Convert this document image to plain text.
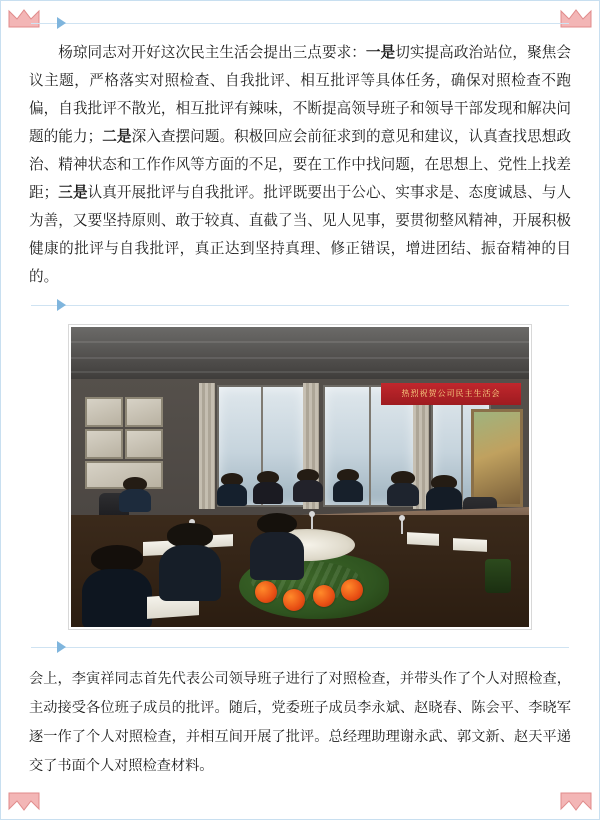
杨琼同志对开好这次民主生活会提出三点要求：一是切实提高政治站位，聚焦会议主题，严格落实对照检查、自我批评、相互批评等具体任务，确保对照检查不跑偏，自我批评不散光，相互批评有辣味，不断提高领导班子和领导干部发现和解决问题的能力；二是深入查摆问题。积极回应会前征求到的意见和建议，认真查找思想政治、精神状态和工作作风等方面的不足，要在工作中找问题，在思想上、党性上找差距；三是认真开展批评与自我批评。批评既要出于公心、实事求是、态度诚恳、与人为善，又要坚持原则、敢于较真、直截了当、见人见事，要贯彻整风精神，开展积极健康的批评与自我批评，真正达到坚持真理、修正错误，增进团结、振奋精神的目的。
热烈祝贺公司民主生活会
会上，李寅祥同志首先代表公司领导班子进行了对照检查，并带头作了个人对照检查，主动接受各位班子成员的批评。随后，党委班子成员李永斌、赵晓春、陈会平、李晓军逐一作了个人对照检查，并相互间开展了批评。总经理助理谢永武、郭文新、赵天平递交了书面个人对照检查材料。
